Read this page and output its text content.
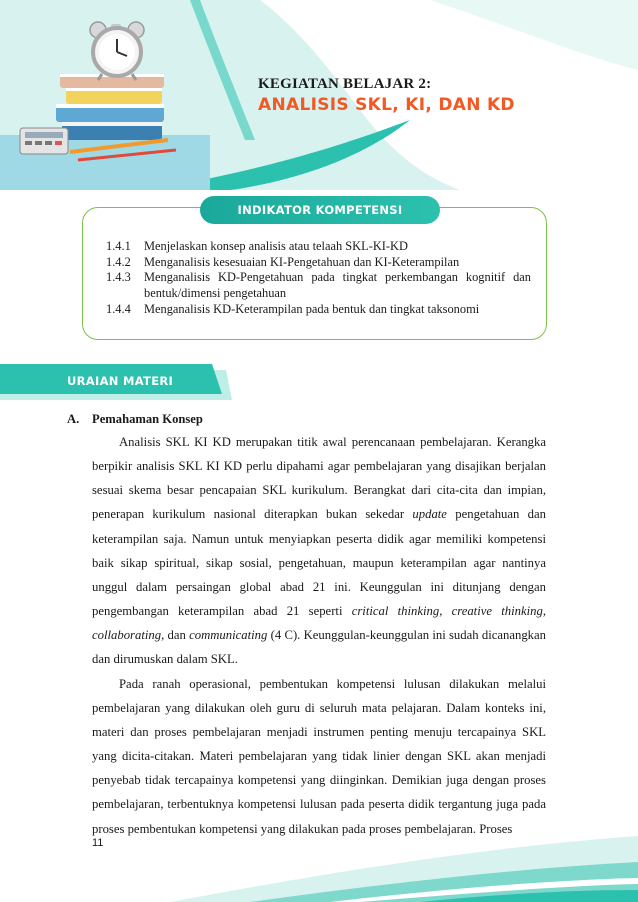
KEGIATAN BELAJAR 2:
ANALISIS SKL, KI, DAN KD
INDIKATOR KOMPETENSI
1.4.1	Menjelaskan konsep analisis atau telaah SKL-KI-KD
1.4.2	Menganalisis kesesuaian KI-Pengetahuan dan KI-Keterampilan
1.4.3	Menganalisis KD-Pengetahuan pada tingkat perkembangan kognitif dan bentuk/dimensi pengetahuan
1.4.4	Menganalisis KD-Keterampilan pada bentuk dan tingkat taksonomi
URAIAN MATERI
A. Pemahaman Konsep

Analisis SKL KI KD merupakan titik awal perencanaan pembelajaran. Kerangka berpikir analisis SKL KI KD perlu dipahami agar pembelajaran yang disajikan berjalan sesuai skema besar pencapaian SKL kurikulum. Berangkat dari cita-cita dan impian, penerapan kurikulum nasional diterapkan bukan sekedar update pengetahuan dan keterampilan saja. Namun untuk menyiapkan peserta didik agar memiliki kompetensi baik sikap spiritual, sikap sosial, pengetahuan, maupun keterampilan agar nantinya unggul dalam persaingan global abad 21 ini. Keunggulan ini ditunjang dengan pengembangan keterampilan abad 21 seperti critical thinking, creative thinking, collaborating, dan communicating (4 C). Keunggulan-keunggulan ini sudah dicanangkan dan dirumuskan dalam SKL.

Pada ranah operasional, pembentukan kompetensi lulusan dilakukan melalui pembelajaran yang dilakukan oleh guru di seluruh mata pelajaran. Dalam konteks ini, materi dan proses pembelajaran menjadi instrumen penting menuju tercapainya SKL yang dicita-citakan. Materi pembelajaran yang tidak linier dengan SKL akan menjadi penyebab tidak tercapainya kompetensi yang diinginkan. Demikian juga dengan proses pembelajaran, terbentuknya kompetensi lulusan pada peserta didik tergantung juga pada proses pembentukan kompetensi yang dilakukan pada proses pembelajaran. Proses

11
